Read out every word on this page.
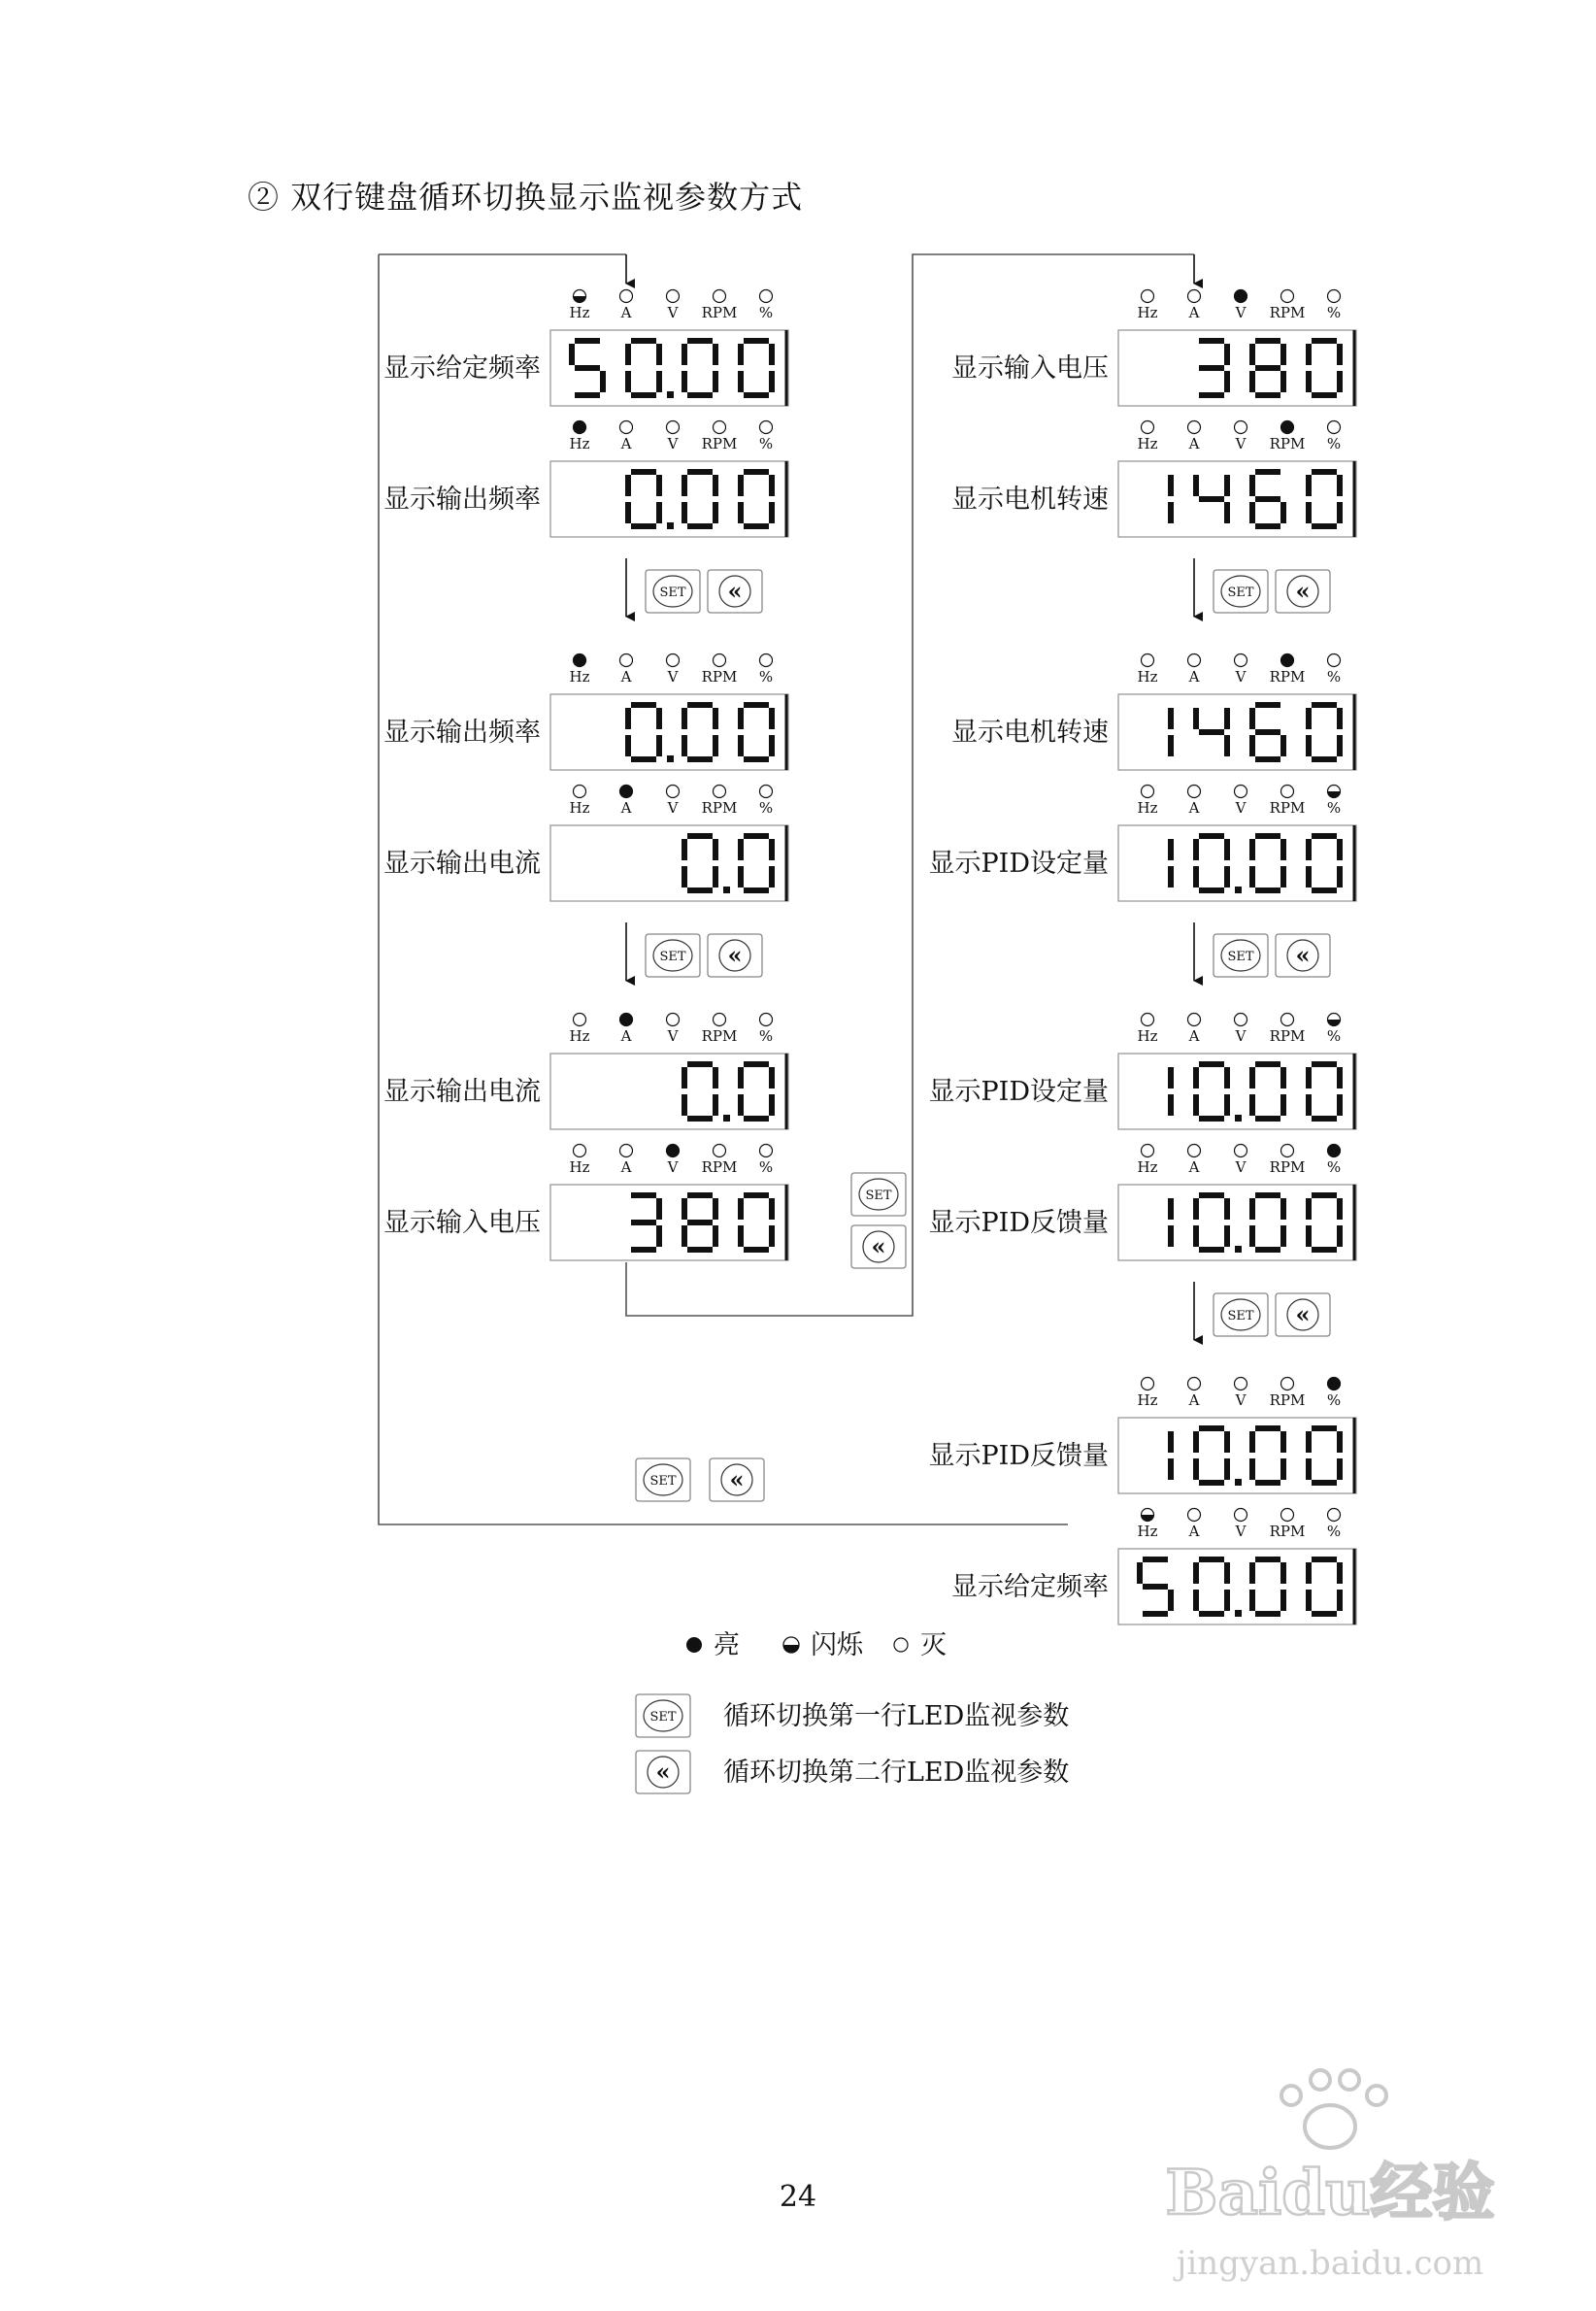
② 双行键盘循环切换显示监视参数方式
Hz A V RPM %
显示给定频率
Hz A V RPM %
显示输出频率
Hz A V RPM %
显示输出频率
Hz A V RPM %
显示输出电流
Hz A V RPM %
显示输出电流
Hz A V RPM %
显示输入电压
Hz A V RPM %
显示输入电压
Hz A V RPM %
显示电机转速
Hz A V RPM %
显示电机转速
Hz A V RPM %
显示PID设定量
Hz A V RPM %
显示PID设定量
Hz A V RPM %
显示PID反馈量
Hz A V RPM %
显示PID反馈量
Hz A V RPM %
显示给定频率
SET «
SET «
SET «
SET «
SET «
SET
«
SET «
亮	闪烁 灭
SET 循环切换第一行LED监视参数
« 循环切换第二行LED监视参数
24	Baidu经验
jingyan.baidu.com
